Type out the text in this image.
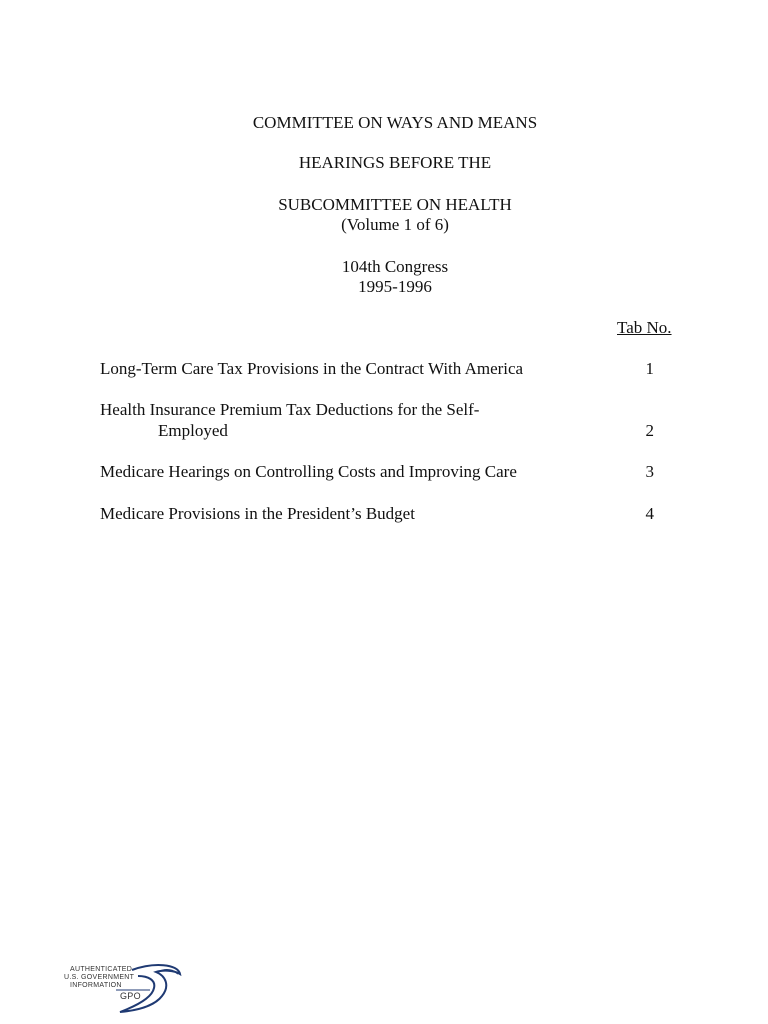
COMMITTEE ON WAYS AND MEANS
HEARINGS BEFORE THE
SUBCOMMITTEE ON HEALTH
(Volume 1 of 6)
104th Congress
1995-1996
Tab No.
Long-Term Care Tax Provisions in the Contract With America	1
Health Insurance Premium Tax Deductions for the Self-
Employed	2
Medicare Hearings on Controlling Costs and Improving Care	3
Medicare Provisions in the President’s Budget	4
AUTHENTICATED
U.S. GOVERNMENT
INFORMATION
GPO
